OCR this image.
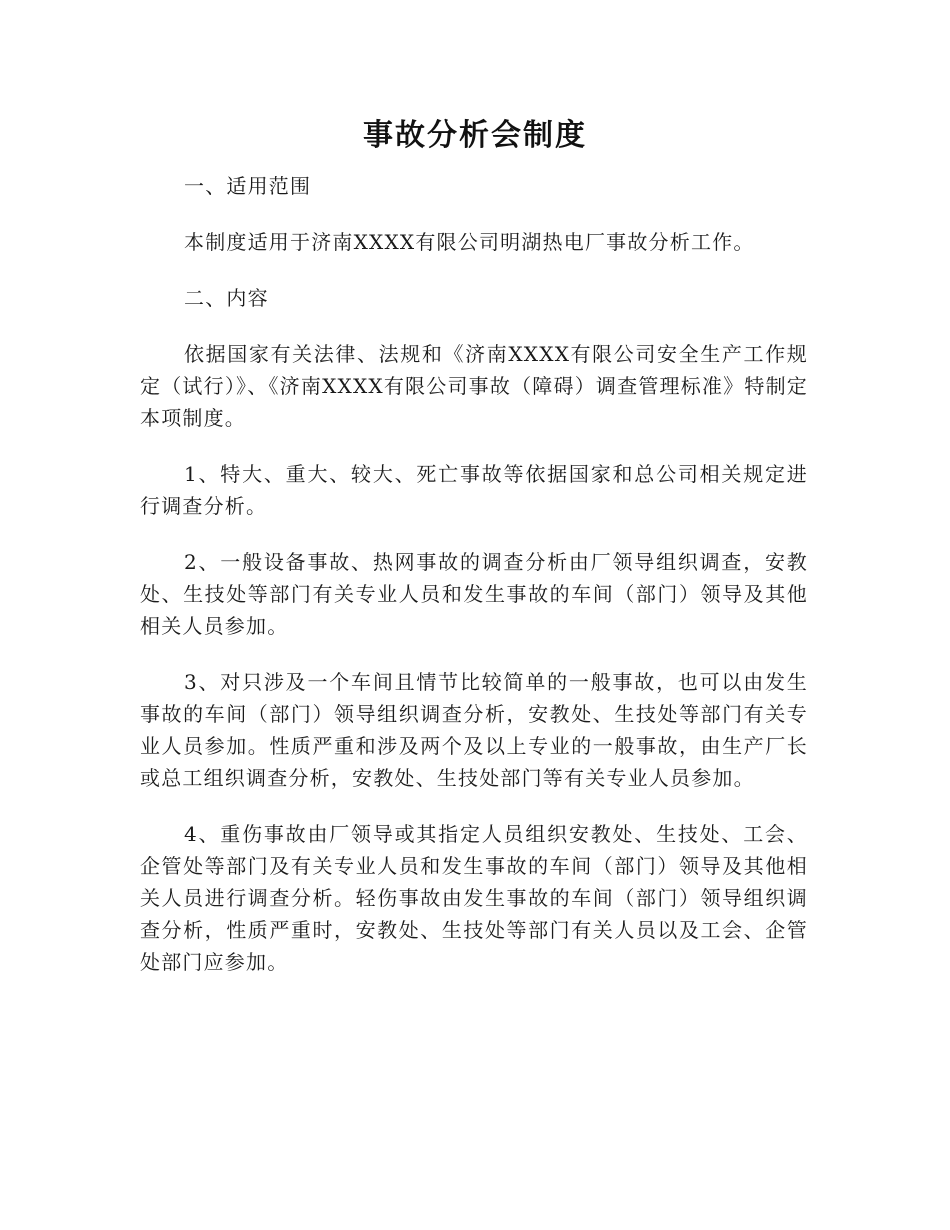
事故分析会制度

一、适用范围

本制度适用于济南XXXX有限公司明湖热电厂事故分析工作。

二、内容

依据国家有关法律、法规和《济南XXXX有限公司安全生产工作规定（试行）》、《济南XXXX有限公司事故（障碍）调查管理标准》特制定本项制度。

1、特大、重大、较大、死亡事故等依据国家和总公司相关规定进行调查分析。

2、一般设备事故、热网事故的调查分析由厂领导组织调查，安教处、生技处等部门有关专业人员和发生事故的车间（部门）领导及其他相关人员参加。

3、对只涉及一个车间且情节比较简单的一般事故，也可以由发生事故的车间（部门）领导组织调查分析，安教处、生技处等部门有关专业人员参加。性质严重和涉及两个及以上专业的一般事故，由生产厂长或总工组织调查分析，安教处、生技处部门等有关专业人员参加。

4、重伤事故由厂领导或其指定人员组织安教处、生技处、工会、企管处等部门及有关专业人员和发生事故的车间（部门）领导及其他相关人员进行调查分析。轻伤事故由发生事故的车间（部门）领导组织调查分析，性质严重时，安教处、生技处等部门有关人员以及工会、企管处部门应参加。
